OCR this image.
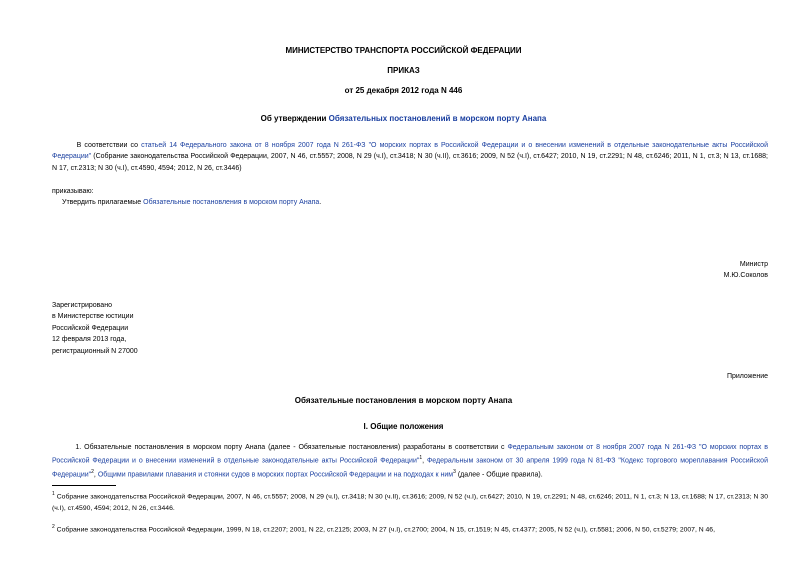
МИНИСТЕРСТВО ТРАНСПОРТА РОССИЙСКОЙ ФЕДЕРАЦИИ
ПРИКАЗ
от 25 декабря 2012 года N 446
Об утверждении Обязательных постановлений в морском порту Анапа
В соответствии со статьей 14 Федерального закона от 8 ноября 2007 года N 261-ФЗ "О морских портах в Российской Федерации и о внесении изменений в отдельные законодательные акты Российской Федерации" (Собрание законодательства Российской Федерации, 2007, N 46, ст.5557; 2008, N 29 (ч.I), ст.3418; N 30 (ч.II), ст.3616; 2009, N 52 (ч.I), ст.6427; 2010, N 19, ст.2291; N 48, ст.6246; 2011, N 1, ст.3; N 13, ст.1688; N 17, ст.2313; N 30 (ч.I), ст.4590, 4594; 2012, N 26, ст.3446)
приказываю:
Утвердить прилагаемые Обязательные постановления в морском порту Анапа.
Министр
М.Ю.Соколов
Зарегистрировано
в Министерстве юстиции
Российской Федерации
12 февраля 2013 года,
регистрационный N 27000
Приложение
Обязательные постановления в морском порту Анапа
I. Общие положения
1. Обязательные постановления в морском порту Анапа (далее - Обязательные постановления) разработаны в соответствии с Федеральным законом от 8 ноября 2007 года N 261-ФЗ "О морских портах в Российской Федерации и о внесении изменений в отдельные законодательные акты Российской Федерации"$^1$, Федеральным законом от 30 апреля 1999 года N 81-ФЗ "Кодекс торгового мореплавания Российской Федерации"$^2$, Общими правилами плавания и стоянки судов в морских портах Российской Федерации и на подходах к ним$^3$ (далее - Общие правила).
$^1$ Собрание законодательства Российской Федерации, 2007, N 46, ст.5557; 2008, N 29 (ч.I), ст.3418; N 30 (ч.II), ст.3616; 2009, N 52 (ч.I), ст.6427; 2010, N 19, ст.2291; N 48, ст.6246; 2011, N 1, ст.3; N 13, ст.1688; N 17, ст.2313; N 30 (ч.I), ст.4590, 4594; 2012, N 26, ст.3446.
$^2$ Собрание законодательства Российской Федерации, 1999, N 18, ст.2207; 2001, N 22, ст.2125; 2003, N 27 (ч.I), ст.2700; 2004, N 15, ст.1519; N 45, ст.4377; 2005, N 52 (ч.I), ст.5581; 2006, N 50, ст.5279; 2007, N 46,
